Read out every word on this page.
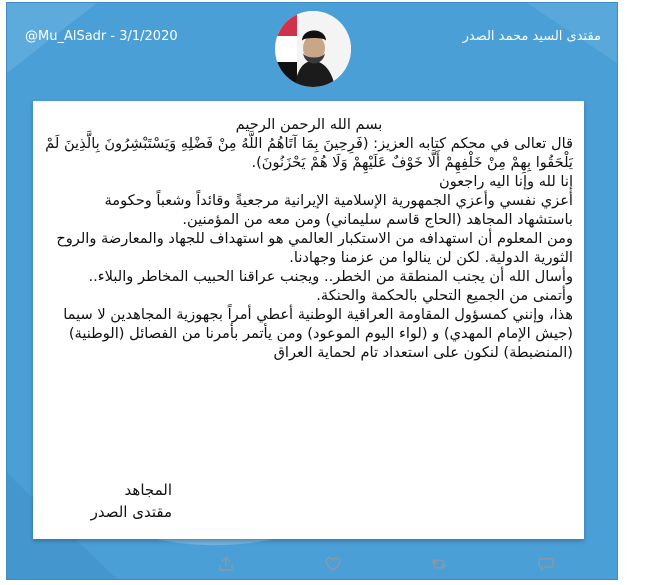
@Mu_AlSadr - 3/1/2020	مقتدى السيد محمد الصدر

بسم الله الرحمن الرحيم

قال تعالى في محكم كتابه العزيز: (فَرِحِينَ بِمَا آتَاهُمُ اللَّهُ مِنْ فَضْلِهِ وَيَسْتَبْشِرُونَ بِالَّذِينَ لَمْ يَلْحَقُوا بِهِمْ مِنْ خَلْفِهِمْ أَلَّا خَوْفٌ عَلَيْهِمْ وَلَا هُمْ يَحْزَنُونَ).

إنا لله وإنا اليه راجعون

أعزي نفسي وأعزي الجمهورية الإسلامية الإيرانية مرجعيةً وقائداً وشعباً وحكومة باستشهاد المجاهد (الحاج قاسم سليماني) ومن معه من المؤمنين.

ومن المعلوم أن استهدافه من الاستكبار العالمي هو استهداف للجهاد والمعارضة والروح الثورية الدولية. لكن لن ينالوا من عزمنا وجهادنا.

وأسال الله أن يجنب المنطقة من الخطر.. ويجنب عراقنا الحبيب المخاطر والبلاء.. وأتمنى من الجميع التحلي بالحكمة والحنكة.

هذا، وإنني كمسؤول المقاومة العراقية الوطنية أعطي أمراً بجهوزية المجاهدين لا سيما (جيش الإمام المهدي) و (لواء اليوم الموعود) ومن يأتمر بأمرنا من الفصائل (الوطنية) (المنضبطة) لنكون على استعداد تام لحماية العراق

المجاهد
مقتدى الصدر
